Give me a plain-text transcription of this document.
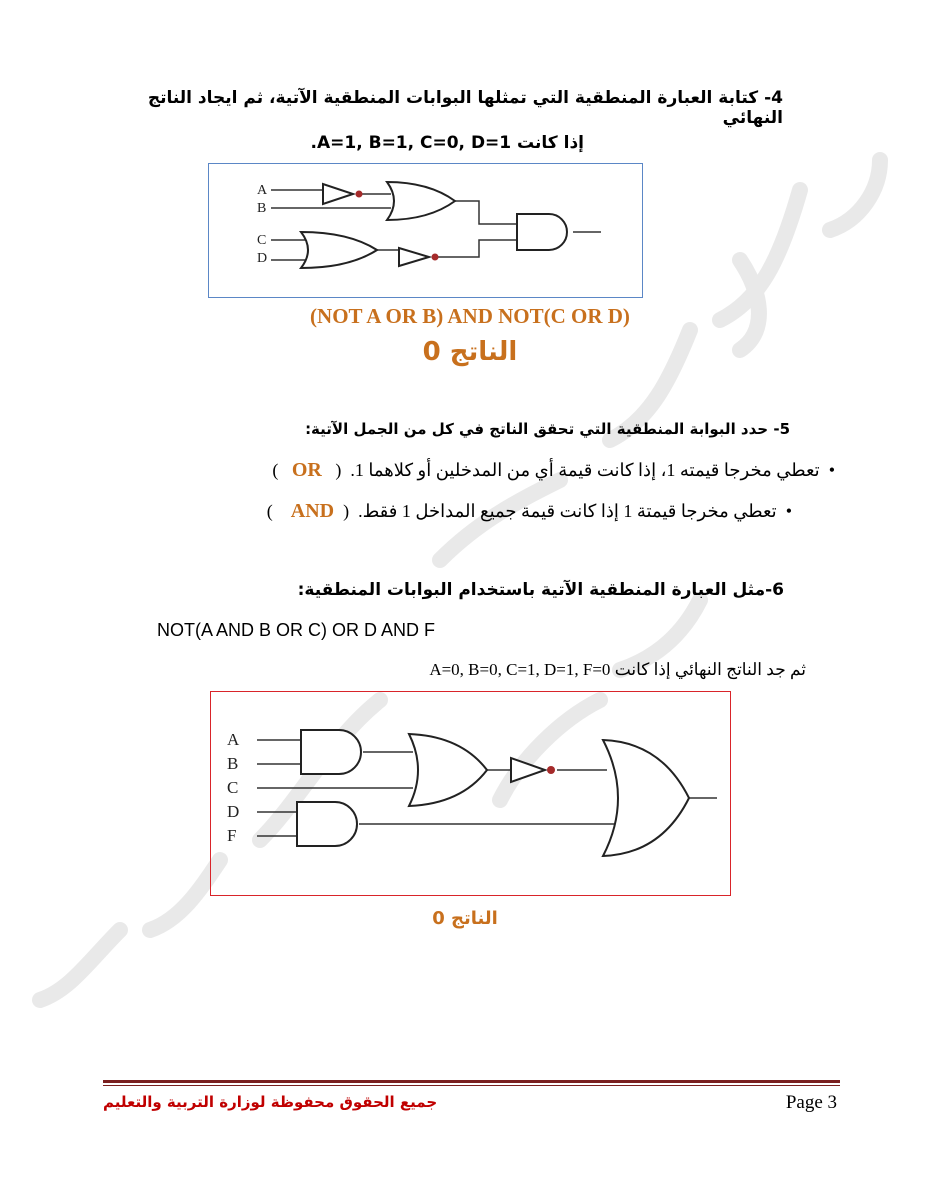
4- كتابة العبارة المنطقية التي تمثلها البوابات المنطقية الآتية، ثم ايجاد الناتج النهائي
إذا كانت A=1, B=1, C=0, D=1.
A
B
C
D
(NOT A OR B) AND NOT(C OR D)
الناتج 0
5- حدد البوابة المنطقية التي تحقق الناتج في كل من الجمل الآتية:
•  تعطي مخرجا قيمته 1، إذا كانت قيمة أي من المدخلين أو كلاهما 1.  (   OR   )
•  تعطي مخرجا قيمتة 1 إذا كانت قيمة جميع المداخل 1 فقط.  (  AND    )
6-مثل العبارة المنطقية الآتية باستخدام البوابات المنطقية:
NOT(A AND B OR C) OR D AND F
ثم جد الناتج النهائي إذا كانت A=0, B=0, C=1, D=1, F=0
A
B
C
D
F
الناتج 0
جميع الحقوق محفوظة لوزارة التربية والتعليم	Page 3
